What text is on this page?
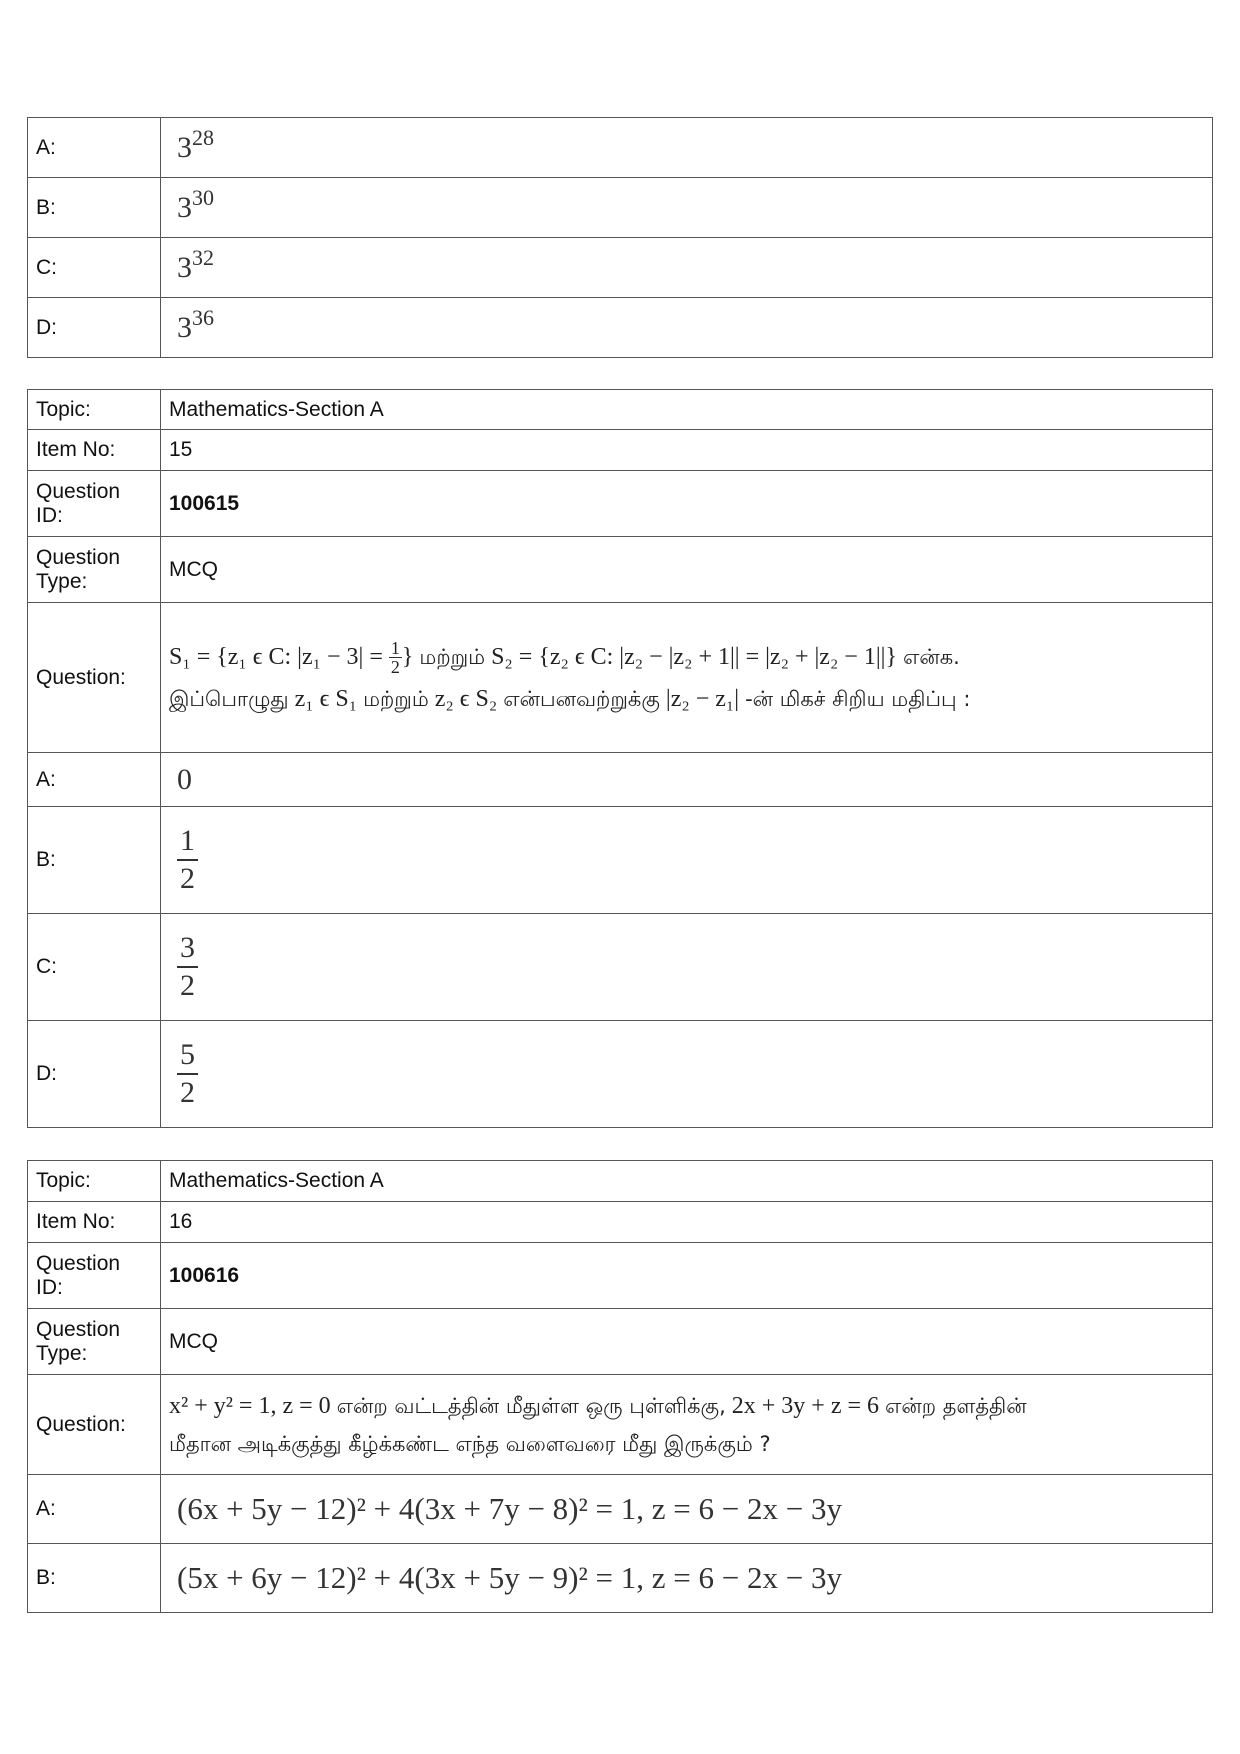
A:	$3^{28}$
B:	$3^{30}$
C:	$3^{32}$
D:	$3^{36}$
Topic:	Mathematics-Section A
Item No:	15
Question ID:	100615
Question Type:	MCQ
Question:	S₁ = {z₁ ϵ C: $|z_1 - 3| = \frac{1}{2}$ } மற்றும் S₂ = {z₂ ϵ C: |z₂ − |z₂ + 1|| = |z₂ + |z₂ − 1||} என்க.
இப்பொழுது z₁ ϵ S₁ மற்றும் z₂ ϵ S₂ என்பனவற்றுக்கு |z₂ − z₁| -ன் மிகச் சிறிய மதிப்பு :

A:	0
B:	$\frac{1}{2}$

C:	$\frac{3}{2}$

D:	$\frac{5}{2}$
Topic:	Mathematics-Section A
Item No:	16
Question ID:	100616
Question Type:	MCQ
Question:	x² + y² = 1, z = 0 என்ற வட்டத்தின் மீதுள்ள ஒரு புள்ளிக்கு, 2x + 3y + z = 6 என்ற தளத்தின்
மீதான அடிக்குத்து கீழ்க்கண்ட எந்த வளைவரை மீது இருக்கும் ?

A:	(6x + 5y − 12)² + 4(3x + 7y − 8)² = 1, z = 6 − 2x − 3y
B:	(5x + 6y − 12)² + 4(3x + 5y − 9)² = 1, z = 6 − 2x − 3y
